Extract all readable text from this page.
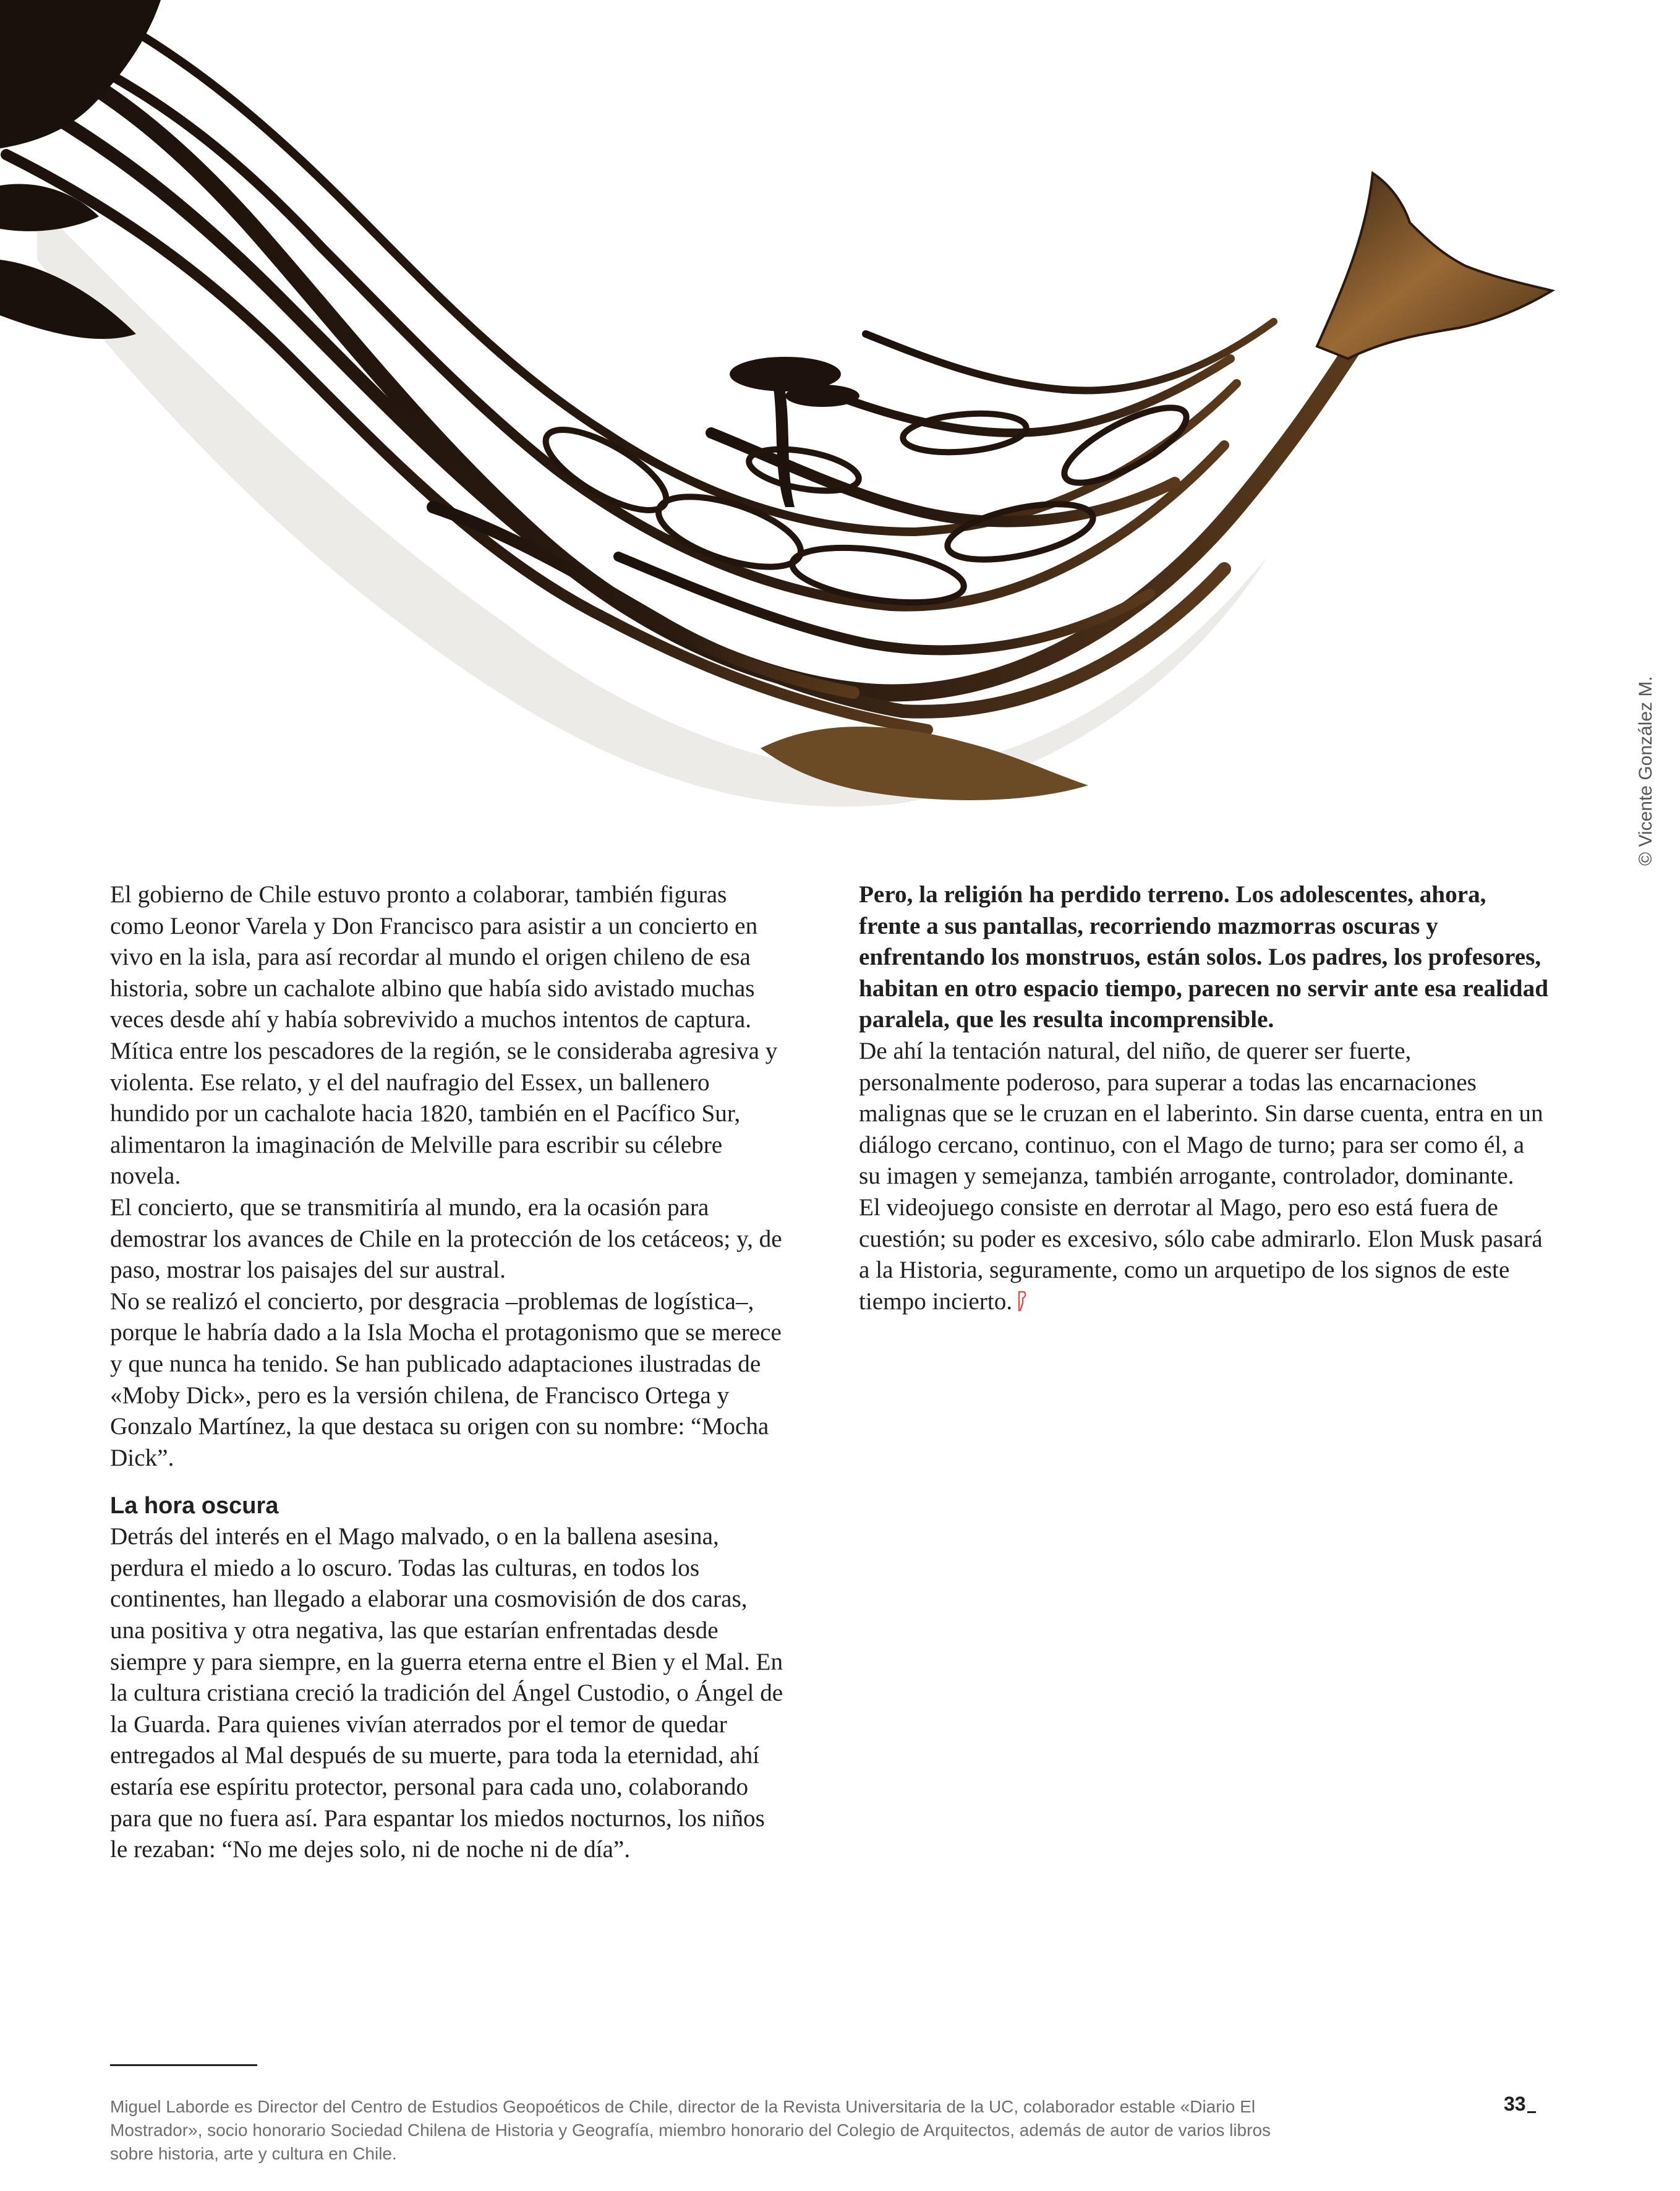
© Vicente González M.

El gobierno de Chile estuvo pronto a colaborar, también figuras como Leonor Varela y Don Francisco para asistir a un concierto en vivo en la isla, para así recordar al mundo el origen chileno de esa historia, sobre un cachalote albino que había sido avistado muchas veces desde ahí y había sobrevivido a muchos intentos de captura. Mítica entre los pescadores de la región, se le consideraba agresiva y violenta. Ese relato, y el del naufragio del Essex, un ballenero hundido por un cachalote hacia 1820, también en el Pacífico Sur, alimentaron la imaginación de Melville para escribir su célebre novela.

El concierto, que se transmitiría al mundo, era la ocasión para demostrar los avances de Chile en la protección de los cetáceos; y, de paso, mostrar los paisajes del sur austral.

No se realizó el concierto, por desgracia –problemas de logística–, porque le habría dado a la Isla Mocha el protagonismo que se merece y que nunca ha tenido. Se han publicado adaptaciones ilustradas de «Moby Dick», pero es la versión chilena, de Francisco Ortega y Gonzalo Martínez, la que destaca su origen con su nombre: “Mocha Dick”.

La hora oscura

Detrás del interés en el Mago malvado, o en la ballena asesina, perdura el miedo a lo oscuro. Todas las culturas, en todos los continentes, han llegado a elaborar una cosmovisión de dos caras, una positiva y otra negativa, las que estarían enfrentadas desde siempre y para siempre, en la guerra eterna entre el Bien y el Mal. En la cultura cristiana creció la tradición del Ángel Custodio, o Ángel de la Guarda. Para quienes vivían aterrados por el temor de quedar entregados al Mal después de su muerte, para toda la eternidad, ahí estaría ese espíritu protector, personal para cada uno, colaborando para que no fuera así. Para espantar los miedos nocturnos, los niños le rezaban: “No me dejes solo, ni de noche ni de día”.

Pero, la religión ha perdido terreno. Los adolescentes, ahora, frente a sus pantallas, recorriendo mazmorras oscuras y enfrentando los monstruos, están solos. Los padres, los profesores, habitan en otro espacio tiempo, parecen no servir ante esa realidad paralela, que les resulta incomprensible.

De ahí la tentación natural, del niño, de querer ser fuerte, personalmente poderoso, para superar a todas las encarnaciones malignas que se le cruzan en el laberinto. Sin darse cuenta, entra en un diálogo cercano, continuo, con el Mago de turno; para ser como él, a su imagen y semejanza, también arrogante, controlador, dominante.

El videojuego consiste en derrotar al Mago, pero eso está fuera de cuestión; su poder es excesivo, sólo cabe admirarlo. Elon Musk pasará a la Historia, seguramente, como un arquetipo de los signos de este tiempo incierto.

Miguel Laborde es Director del Centro de Estudios Geopoéticos de Chile, director de la Revista Universitaria de la UC, colaborador estable «Diario El Mostrador», socio honorario Sociedad Chilena de Historia y Geografía, miembro honorario del Colegio de Arquitectos, además de autor de varios libros sobre historia, arte y cultura en Chile.
33
